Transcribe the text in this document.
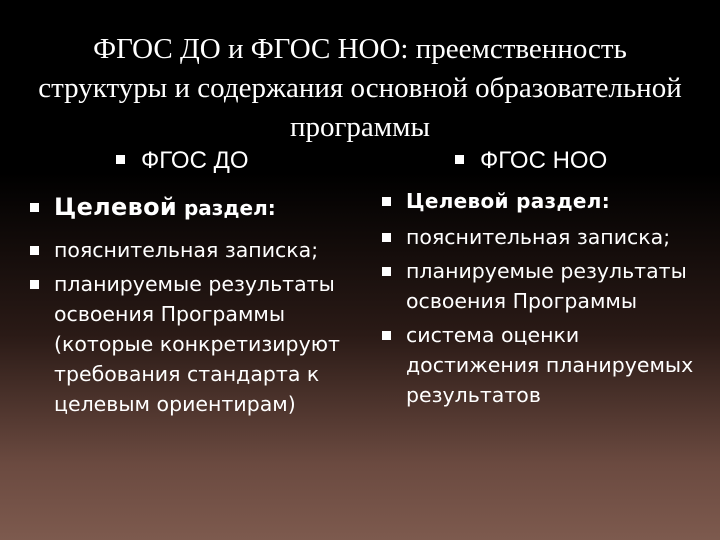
ФГОС ДО и ФГОС НОО: преемственность
структуры и содержания основной образовательной
программы
ФГОС ДО	ФГОС НОО
Целевой раздел:
пояснительная записка;
планируемые результаты освоения Программы (которые конкретизируют требования стандарта к целевым ориентирам)
Целевой раздел:
пояснительная записка;
планируемые результаты освоения Программы
система оценки достижения планируемых результатов
